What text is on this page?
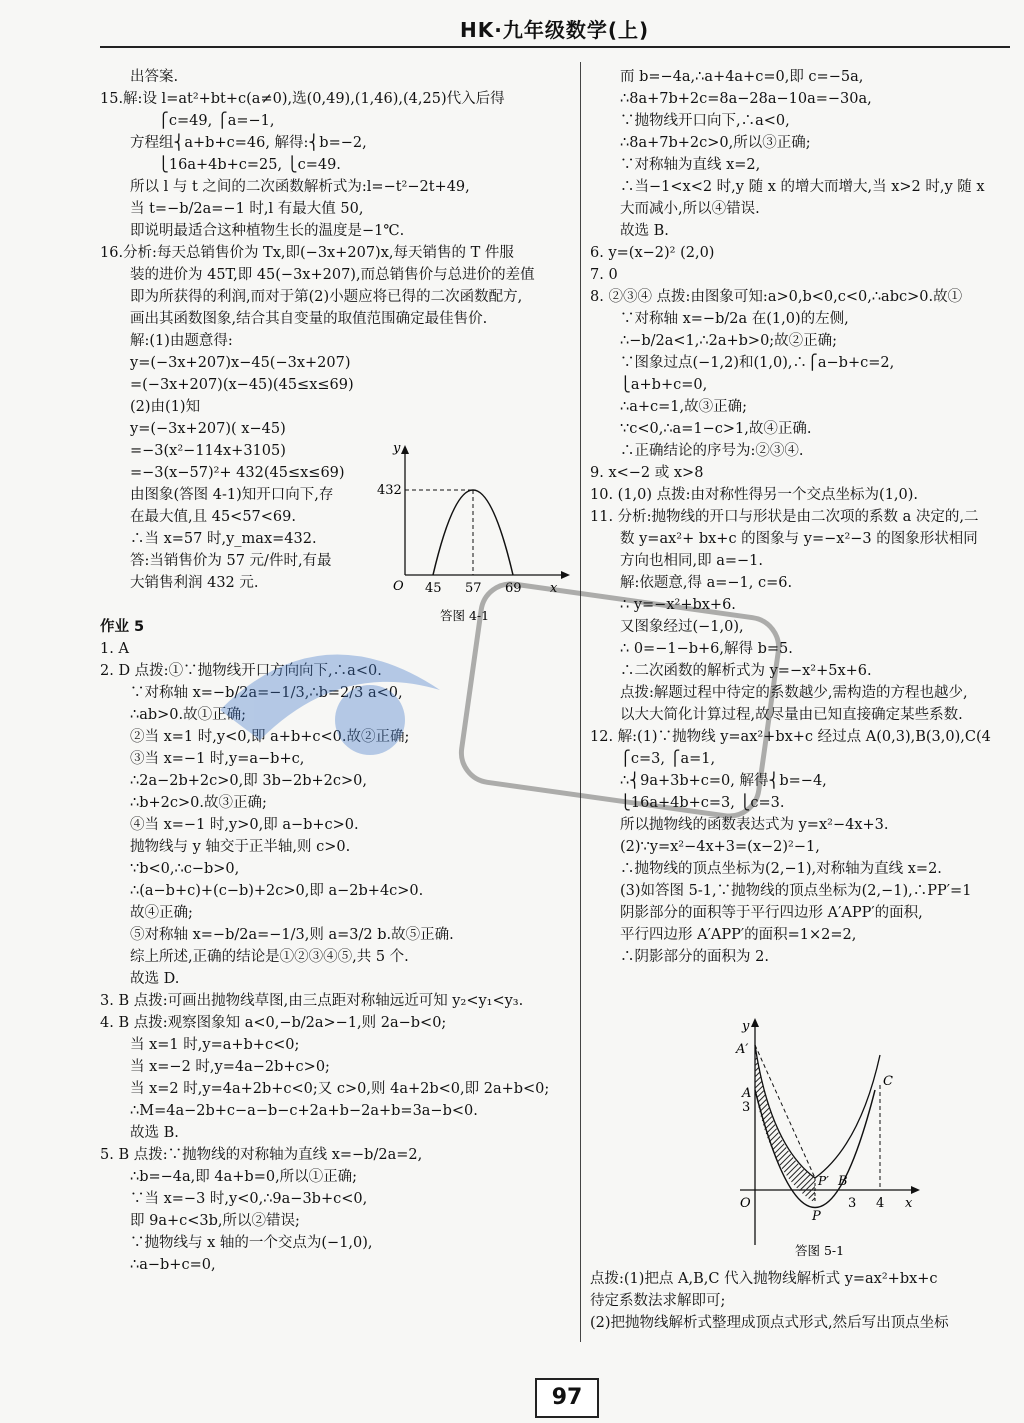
HK·九年级数学(上)
出答案.
15.解:设 l=at²+bt+c(a≠0),选(0,49),(1,46),(4,25)代入后得
⎧c=49, ⎧a=−1,
方程组⎨a+b+c=46, 解得:⎨b=−2,
⎩16a+4b+c=25, ⎩c=49.
所以 l 与 t 之间的二次函数解析式为:l=−t²−2t+49,
当 t=−b/2a=−1 时,l 有最大值 50,
即说明最适合这种植物生长的温度是−1℃.
16.分析:每天总销售价为 Tx,即(−3x+207)x,每天销售的 T 件服
装的进价为 45T,即 45(−3x+207),而总销售价与总进价的差值
即为所获得的利润,而对于第(2)小题应将已得的二次函数配方,
画出其函数图象,结合其自变量的取值范围确定最佳售价.
解:(1)由题意得:
y=(−3x+207)x−45(−3x+207)
=(−3x+207)(x−45)(45≤x≤69)
(2)由(1)知
y=(−3x+207)( x−45)
=−3(x²−114x+3105)
=−3(x−57)²+ 432(45≤x≤69)
由图象(答图 4-1)知开口向下,存
在最大值,且 45<57<69.
∴当 x=57 时,y_max=432.
答:当销售价为 57 元/件时,有最
大销售利润 432 元.
作业 5
1. A
2. D 点拨:①∵抛物线开口方向向下,∴a<0.
∵对称轴 x=−b/2a=−1/3,∴b=2/3 a<0,
∴ab>0.故①正确;
②当 x=1 时,y<0,即 a+b+c<0.故②正确;
③当 x=−1 时,y=a−b+c,
∴2a−2b+2c>0,即 3b−2b+2c>0,
∴b+2c>0.故③正确;
④当 x=−1 时,y>0,即 a−b+c>0.
抛物线与 y 轴交于正半轴,则 c>0.
∵b<0,∴c−b>0,
∴(a−b+c)+(c−b)+2c>0,即 a−2b+4c>0.
故④正确;
⑤对称轴 x=−b/2a=−1/3,则 a=3/2 b.故⑤正确.
综上所述,正确的结论是①②③④⑤,共 5 个.
故选 D.
3. B 点拨:可画出抛物线草图,由三点距对称轴远近可知 y₂<y₁<y₃.
4. B 点拨:观察图象知 a<0,−b/2a>−1,则 2a−b<0;
当 x=1 时,y=a+b+c<0;
当 x=−2 时,y=4a−2b+c>0;
当 x=2 时,y=4a+2b+c<0;又 c>0,则 4a+2b<0,即 2a+b<0;
∴M=4a−2b+c−a−b−c+2a+b−2a+b=3a−b<0.
故选 B.
5. B 点拨:∵抛物线的对称轴为直线 x=−b/2a=2,
∴b=−4a,即 4a+b=0,所以①正确;
∵当 x=−3 时,y<0,∴9a−3b+c<0,
即 9a+c<3b,所以②错误;
∵抛物线与 x 轴的一个交点为(−1,0),
∴a−b+c=0,
而 b=−4a,∴a+4a+c=0,即 c=−5a,
∴8a+7b+2c=8a−28a−10a=−30a,
∵抛物线开口向下,∴a<0,
∴8a+7b+2c>0,所以③正确;
∵对称轴为直线 x=2,
∴当−1<x<2 时,y 随 x 的增大而增大,当 x>2 时,y 随 x
大而减小,所以④错误.
故选 B.
6. y=(x−2)² (2,0)
7. 0
8. ②③④ 点拨:由图象可知:a>0,b<0,c<0,∴abc>0.故①
∵对称轴 x=−b/2a 在(1,0)的左侧,
∴−b/2a<1,∴2a+b>0;故②正确;
∵图象过点(−1,2)和(1,0),∴⎧a−b+c=2,
⎩a+b+c=0,
∴a+c=1,故③正确;
∵c<0,∴a=1−c>1,故④正确.
∴正确结论的序号为:②③④.
9. x<−2 或 x>8
10. (1,0) 点拨:由对称性得另一个交点坐标为(1,0).
11. 分析:抛物线的开口与形状是由二次项的系数 a 决定的,二
数 y=ax²+ bx+c 的图象与 y=−x²−3 的图象形状相同
方向也相同,即 a=−1.
解:依题意,得 a=−1, c=6.
∴ y=−x²+bx+6.
又图象经过(−1,0),
∴ 0=−1−b+6,解得 b=5.
∴二次函数的解析式为 y=−x²+5x+6.
点拨:解题过程中待定的系数越少,需构造的方程也越少,
以大大简化计算过程,故尽量由已知直接确定某些系数.
12. 解:(1)∵抛物线 y=ax²+bx+c 经过点 A(0,3),B(3,0),C(4
⎧c=3, ⎧a=1,
∴⎨9a+3b+c=0, 解得⎨b=−4,
⎩16a+4b+c=3, ⎩c=3.
所以抛物线的函数表达式为 y=x²−4x+3.
(2)∵y=x²−4x+3=(x−2)²−1,
∴抛物线的顶点坐标为(2,−1),对称轴为直线 x=2.
(3)如答图 5-1,∵抛物线的顶点坐标为(2,−1),∴PP′=1
阴影部分的面积等于平行四边形 A′APP′的面积,
平行四边形 A′APP′的面积=1×2=2,
∴阴影部分的面积为 2.
y
x
O
432
45 57 69
答图 4-1
y
x
O
A′
A
3
P′ B
C
P
3 4
答图 5-1
点拨:(1)把点 A,B,C 代入抛物线解析式 y=ax²+bx+c
待定系数法求解即可;
(2)把抛物线解析式整理成顶点式形式,然后写出顶点坐标
97
